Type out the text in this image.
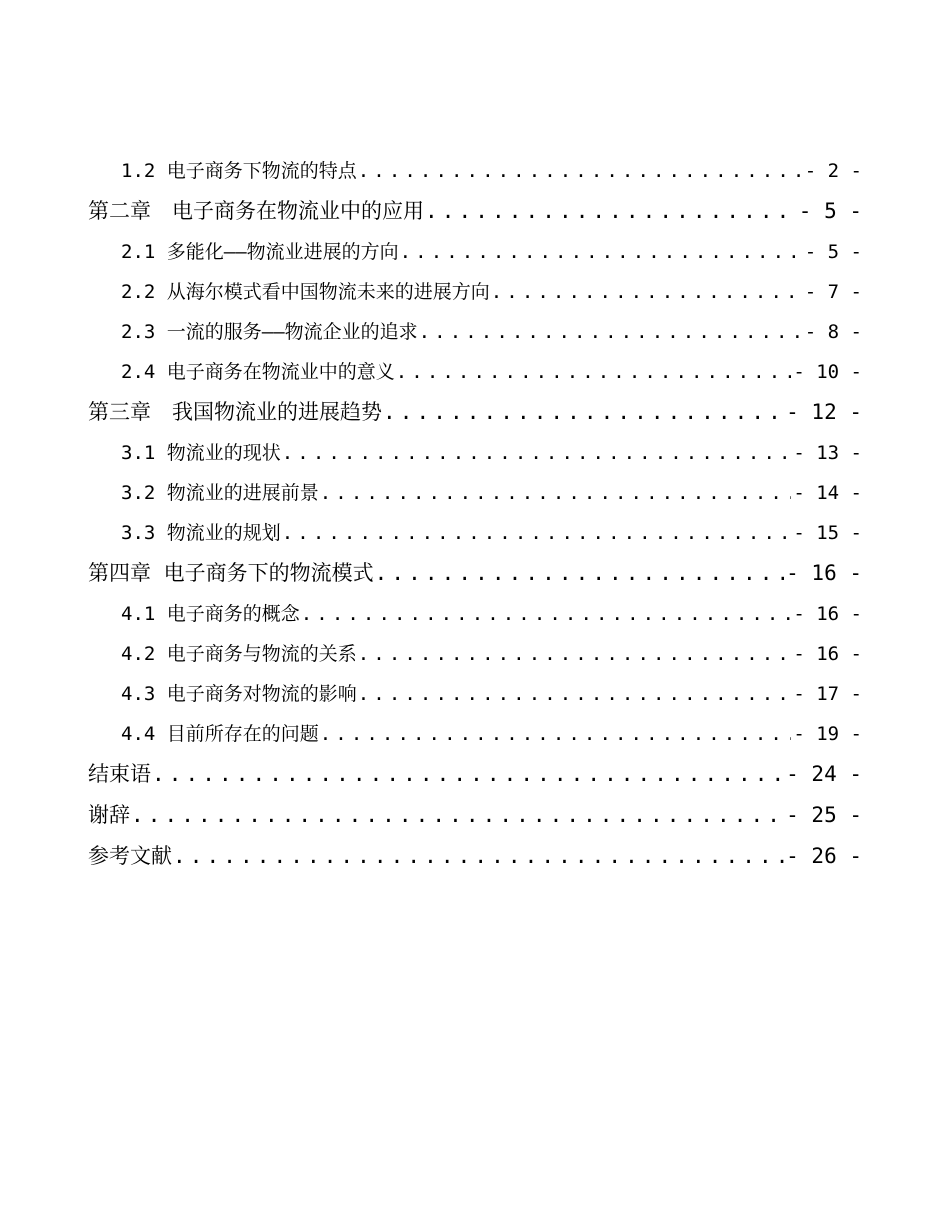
1.2 电子商务下物流的特点 .....	- 2 -
第二章　电子商务在物流业中的应用 .....	- 5 -
2.1 多能化——物流业进展的方向 .....	- 5 -
2.2 从海尔模式看中国物流未来的进展方向 .....	- 7 -
2.3 一流的服务——物流企业的追求 .....	- 8 -
2.4 电子商务在物流业中的意义 .....	- 10 -
第三章　我国物流业的进展趋势 .....	- 12 -
3.1 物流业的现状 .....	- 13 -
3.2 物流业的进展前景 .....	- 14 -
3.3 物流业的规划 .....	- 15 -
第四章 电子商务下的物流模式 .....	- 16 -
4.1 电子商务的概念 .....	- 16 -
4.2 电子商务与物流的关系 .....	- 16 -
4.3 电子商务对物流的影响 .....	- 17 -
4.4 目前所存在的问题 .....	- 19 -
结束语 .....	- 24 -
谢辞 .....	- 25 -
参考文献 .....	- 26 -
